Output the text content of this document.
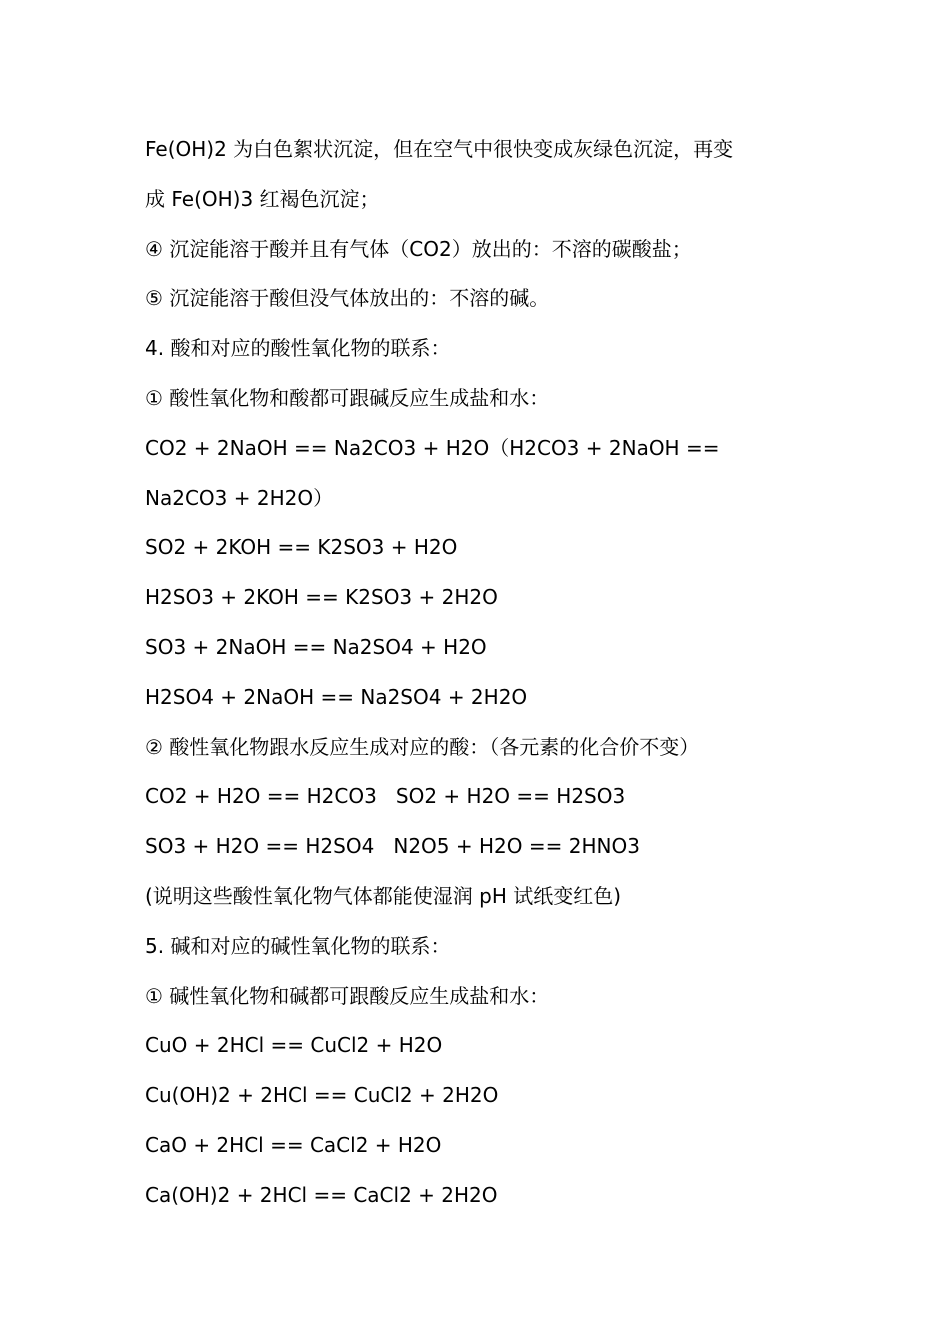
Fe(OH)2 为白色絮状沉淀，但在空气中很快变成灰绿色沉淀，再变
成 Fe(OH)3 红褐色沉淀；
④ 沉淀能溶于酸并且有气体（CO2）放出的：不溶的碳酸盐；
⑤ 沉淀能溶于酸但没气体放出的：不溶的碱。
4. 酸和对应的酸性氧化物的联系：
① 酸性氧化物和酸都可跟碱反应生成盐和水：
CO2 + 2NaOH == Na2CO3 + H2O（H2CO3 + 2NaOH ==
Na2CO3 + 2H2O）
SO2 + 2KOH == K2SO3 + H2O
H2SO3 + 2KOH == K2SO3 + 2H2O
SO3 + 2NaOH == Na2SO4 + H2O
H2SO4 + 2NaOH == Na2SO4 + 2H2O
② 酸性氧化物跟水反应生成对应的酸：（各元素的化合价不变）
CO2 + H2O == H2CO3   SO2 + H2O == H2SO3
SO3 + H2O == H2SO4   N2O5 + H2O == 2HNO3
(说明这些酸性氧化物气体都能使湿润 pH 试纸变红色)
5. 碱和对应的碱性氧化物的联系：
① 碱性氧化物和碱都可跟酸反应生成盐和水：
CuO + 2HCl == CuCl2 + H2O
Cu(OH)2 + 2HCl == CuCl2 + 2H2O
CaO + 2HCl == CaCl2 + H2O
Ca(OH)2 + 2HCl == CaCl2 + 2H2O
